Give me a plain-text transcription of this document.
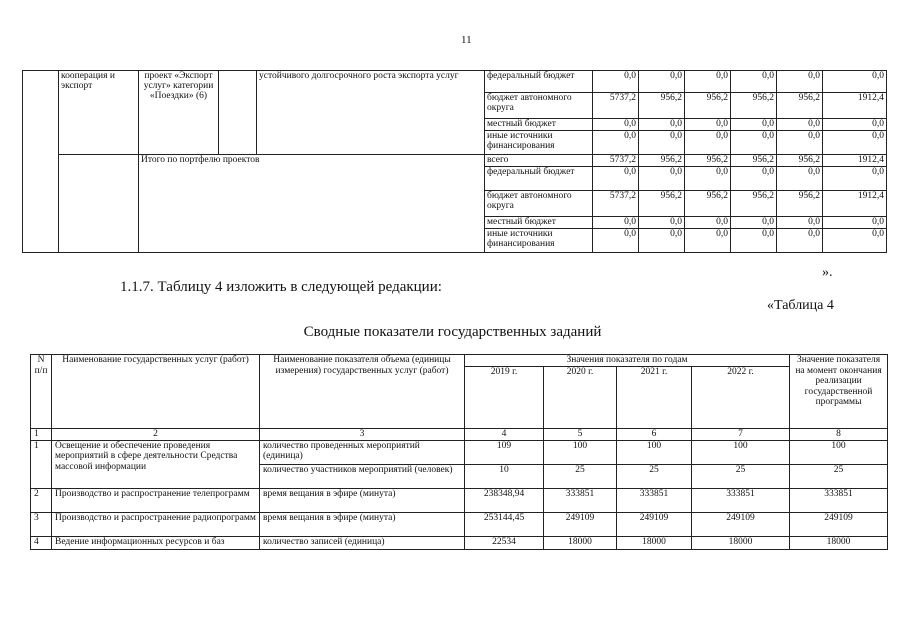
11
	кооперация и экспорт	проект «Экспорт услуг» категории «Поездки» (6)		устойчивого долгосрочного роста экспорта услуг	федеральный бюджет	0,0	0,0	0,0	0,0	0,0	0,0
					бюджет автономного округа	5737,2	956,2	956,2	956,2	956,2	1912,4
					местный бюджет	0,0	0,0	0,0	0,0	0,0	0,0
					иные источники финансирования	0,0	0,0	0,0	0,0	0,0	0,0
		Итого по портфелю проектов			всего	5737,2	956,2	956,2	956,2	956,2	1912,4
					федеральный бюджет	0,0	0,0	0,0	0,0	0,0	0,0
					бюджет автономного округа	5737,2	956,2	956,2	956,2	956,2	1912,4
					местный бюджет	0,0	0,0	0,0	0,0	0,0	0,0
					иные источники финансирования	0,0	0,0	0,0	0,0	0,0	0,0
».
1.1.7. Таблицу 4 изложить в следующей редакции:
«Таблица 4
Сводные показатели государственных заданий
N п/п	Наименование государственных услуг (работ)	Наименование показателя объема (единицы измерения) государственных услуг (работ)	Значения показателя по годам				Значение показателя на момент окончания реализации государственной программы
			2019 г.	2020 г.	2021 г.	2022 г.	
1	2	3	4	5	6	7	8
1	Освещение и обеспечение проведения мероприятий в сфере деятельности Средства массовой информации	количество проведенных мероприятий (единица)	109	100	100	100	100
		количество участников мероприятий (человек)	10	25	25	25	25
2	Производство и распространение телепрограмм	время вещания в эфире (минута)	238348,94	333851	333851	333851	333851
3	Производство и распространение радиопрограмм	время вещания в эфире (минута)	253144,45	249109	249109	249109	249109
4	Ведение информационных ресурсов и баз	количество записей (единица)	22534	18000	18000	18000	18000
